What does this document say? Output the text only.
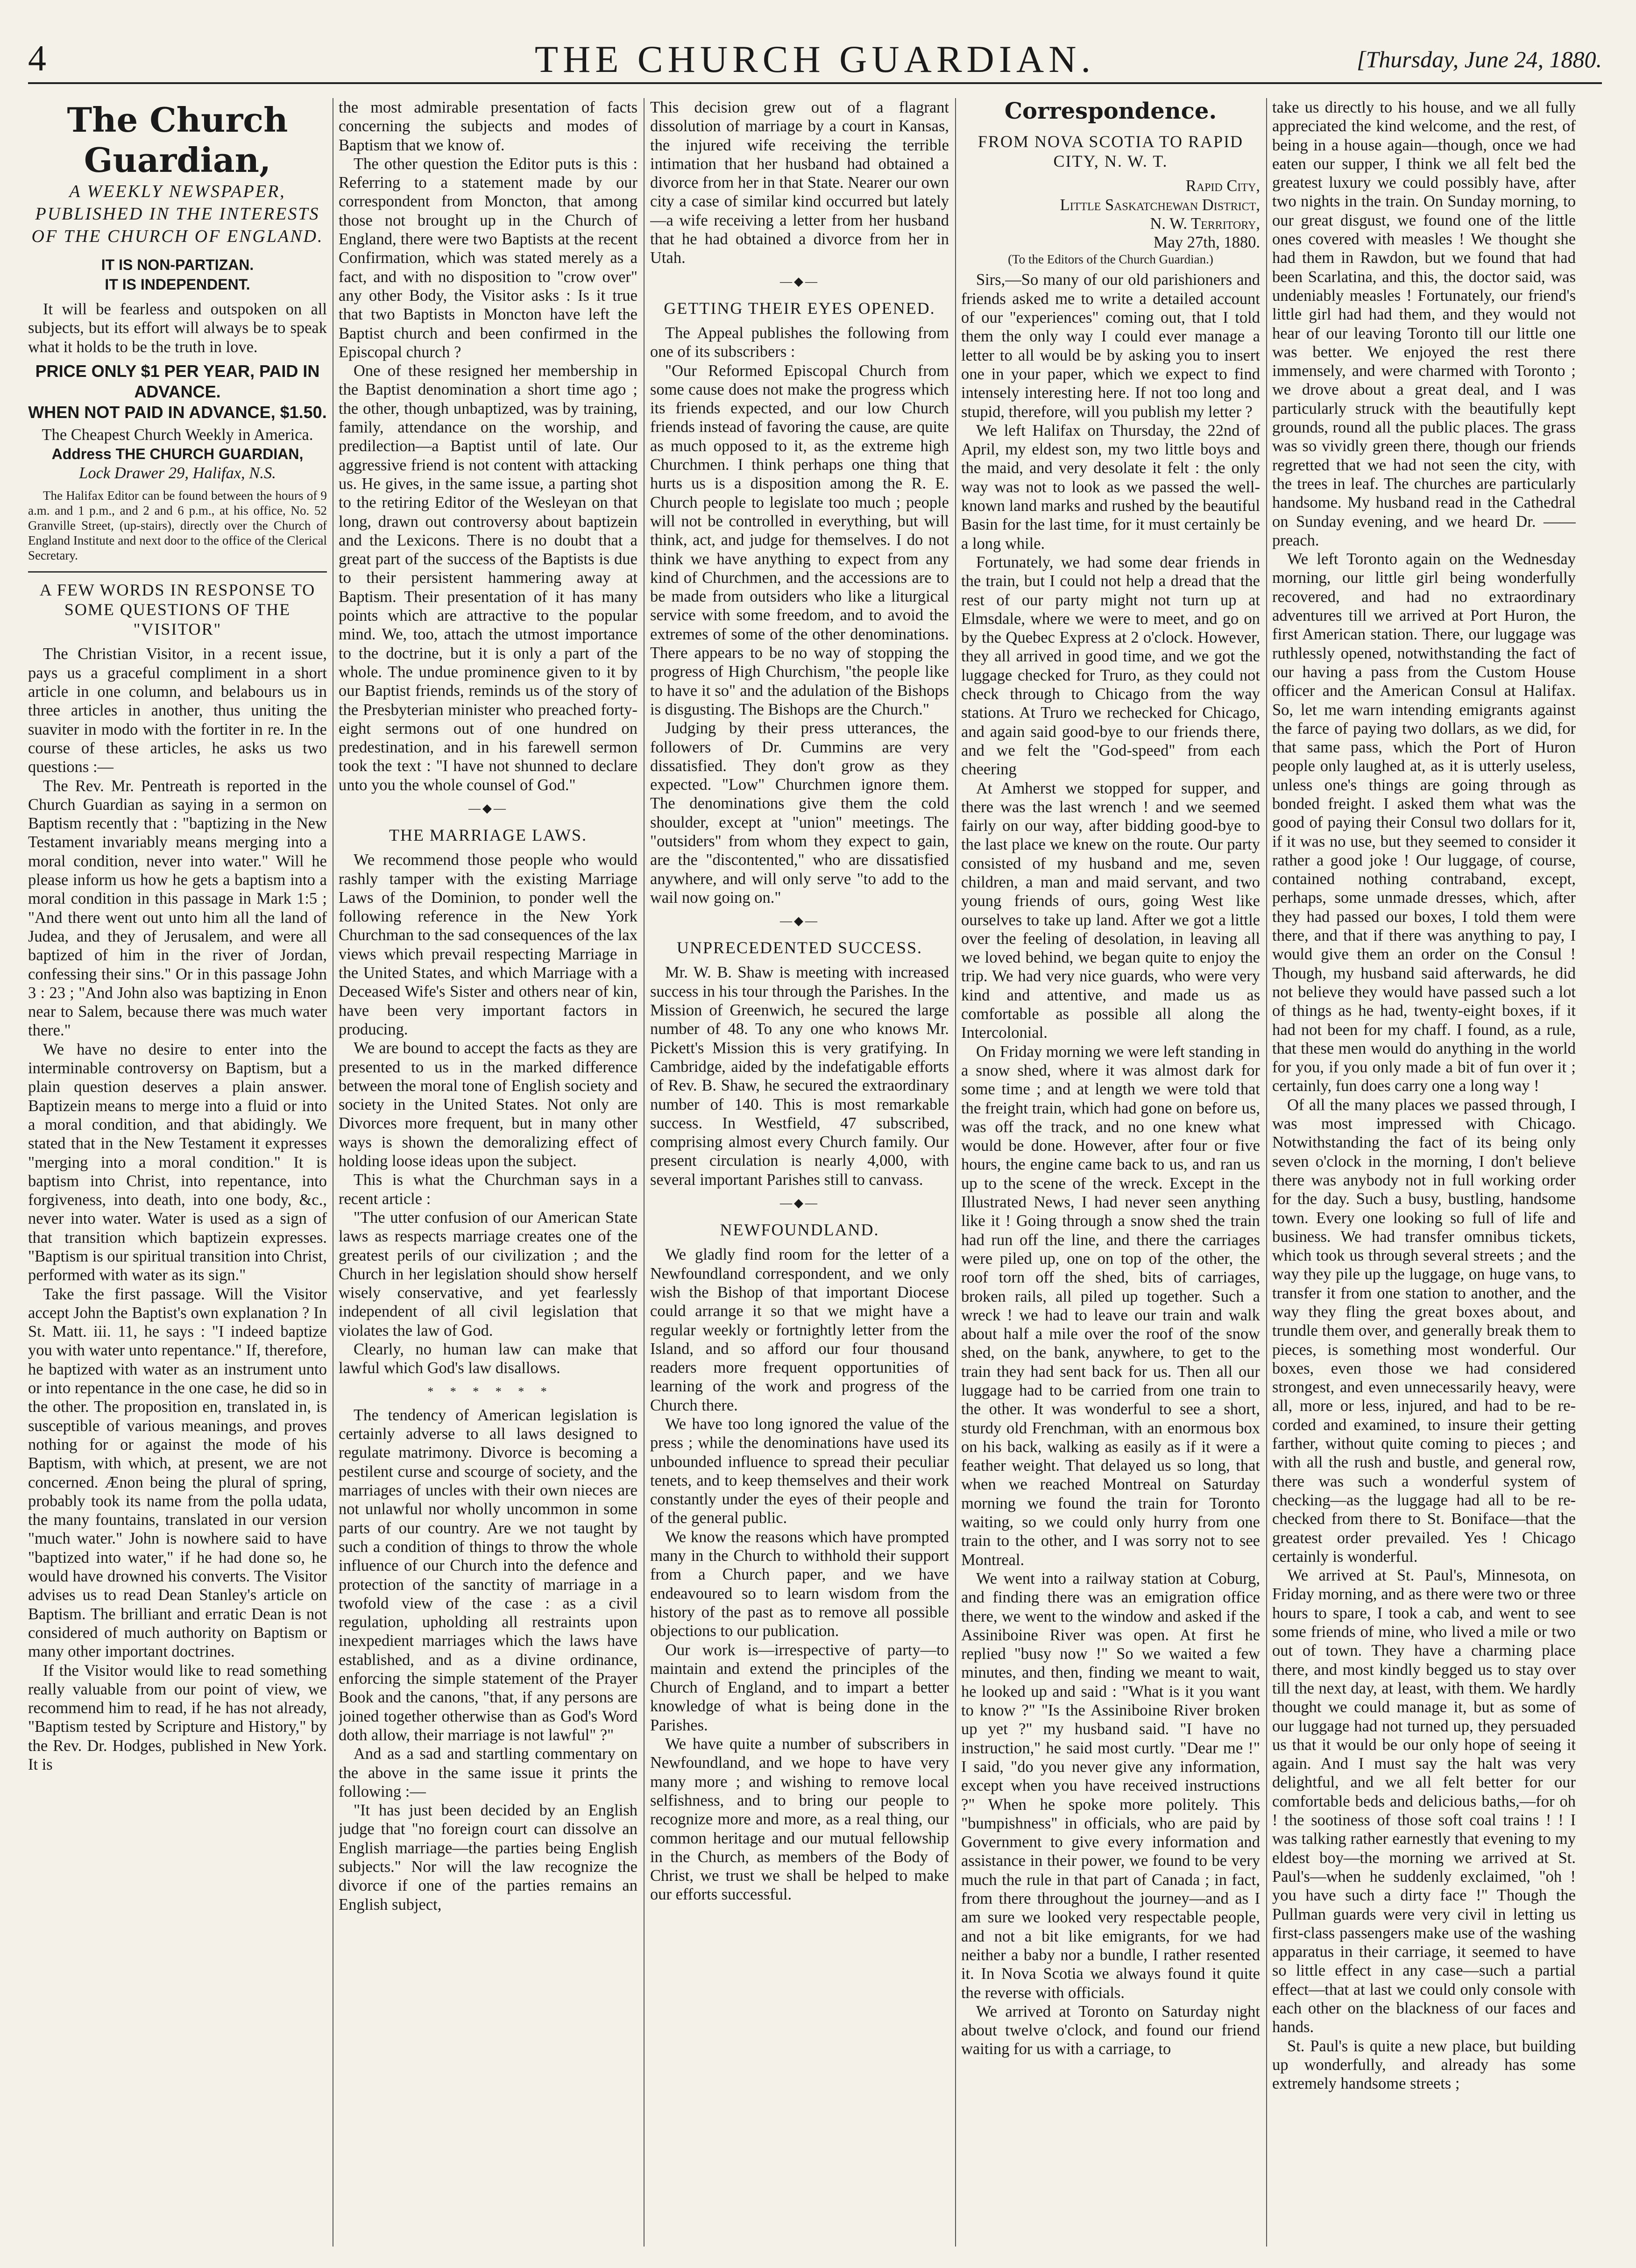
4	THE CHURCH GUARDIAN.	[Thursday, June 24, 1880.
The Church Guardian,
A WEEKLY NEWSPAPER, PUBLISHED IN THE INTERESTS OF THE CHURCH OF ENGLAND.
IT IS NON-PARTIZAN.
IT IS INDEPENDENT.

It will be fearless and outspoken on all subjects, but its effort will always be to speak what it holds to be the truth in love.

PRICE ONLY $1 PER YEAR, PAID IN ADVANCE.
WHEN NOT PAID IN ADVANCE, $1.50.
The Cheapest Church Weekly in America.
Address THE CHURCH GUARDIAN,
Lock Drawer 29, Halifax, N.S.

The Halifax Editor can be found between the hours of 9 a.m. and 1 p.m., and 2 and 6 p.m., at his office, No. 52 Granville Street, (up-stairs), directly over the Church of England Institute and next door to the office of the Clerical Secretary.

A FEW WORDS IN RESPONSE TO SOME QUESTIONS OF THE "VISITOR"

The Christian Visitor, in a recent issue, pays us a graceful compliment in a short article in one column, and belabours us in three articles in another, thus uniting the suaviter in modo with the fortiter in re. In the course of these articles, he asks us two questions :—

The Rev. Mr. Pentreath is reported in the Church Guardian as saying in a sermon on Baptism recently that : "baptizing in the New Testament invariably means merging into a moral condition, never into water." Will he please inform us how he gets a baptism into a moral condition in this passage in Mark 1:5 ; "And there went out unto him all the land of Judea, and they of Jerusalem, and were all baptized of him in the river of Jordan, confessing their sins." Or in this passage John 3 : 23 ; "And John also was baptizing in Enon near to Salem, because there was much water there."

We have no desire to enter into the interminable controversy on Baptism, but a plain question deserves a plain answer. Baptizein means to merge into a fluid or into a moral condition, and that abidingly. We stated that in the New Testament it expresses "merging into a moral condition." It is baptism into Christ, into repentance, into forgiveness, into death, into one body, &c., never into water. Water is used as a sign of that transition which baptizein expresses. "Baptism is our spiritual transition into Christ, performed with water as its sign."

Take the first passage. Will the Visitor accept John the Baptist's own explanation ? In St. Matt. iii. 11, he says : "I indeed baptize you with water unto repentance." If, therefore, he baptized with water as an instrument unto or into repentance in the one case, he did so in the other. The proposition en, translated in, is susceptible of various meanings, and proves nothing for or against the mode of his Baptism, with which, at present, we are not concerned. Ænon being the plural of spring, probably took its name from the polla udata, the many fountains, translated in our version "much water." John is nowhere said to have "baptized into water," if he had done so, he would have drowned his converts. The Visitor advises us to read Dean Stanley's article on Baptism. The brilliant and erratic Dean is not considered of much authority on Baptism or many other important doctrines.

If the Visitor would like to read something really valuable from our point of view, we recommend him to read, if he has not already, "Baptism tested by Scripture and History," by the Rev. Dr. Hodges, published in New York. It is

the most admirable presentation of facts concerning the subjects and modes of Baptism that we know of.

The other question the Editor puts is this : Referring to a statement made by our correspondent from Moncton, that among those not brought up in the Church of England, there were two Baptists at the recent Confirmation, which was stated merely as a fact, and with no disposition to "crow over" any other Body, the Visitor asks : Is it true that two Baptists in Moncton have left the Baptist church and been confirmed in the Episcopal church ?

One of these resigned her membership in the Baptist denomination a short time ago ; the other, though unbaptized, was by training, family, attendance on the worship, and predilection—a Baptist until of late. Our aggressive friend is not content with attacking us. He gives, in the same issue, a parting shot to the retiring Editor of the Wesleyan on that long, drawn out controversy about baptizein and the Lexicons. There is no doubt that a great part of the success of the Baptists is due to their persistent hammering away at Baptism. Their presentation of it has many points which are attractive to the popular mind. We, too, attach the utmost importance to the doctrine, but it is only a part of the whole. The undue prominence given to it by our Baptist friends, reminds us of the story of the Presbyterian minister who preached forty-eight sermons out of one hundred on predestination, and in his farewell sermon took the text : "I have not shunned to declare unto you the whole counsel of God."

—◆—
THE MARRIAGE LAWS.

We recommend those people who would rashly tamper with the existing Marriage Laws of the Dominion, to ponder well the following reference in the New York Churchman to the sad consequences of the lax views which prevail respecting Marriage in the United States, and which Marriage with a Deceased Wife's Sister and others near of kin, have been very important factors in producing.

We are bound to accept the facts as they are presented to us in the marked difference between the moral tone of English society and society in the United States. Not only are Divorces more frequent, but in many other ways is shown the demoralizing effect of holding loose ideas upon the subject.

This is what the Churchman says in a recent article :

"The utter confusion of our American State laws as respects marriage creates one of the greatest perils of our civilization ; and the Church in her legislation should show herself wisely conservative, and yet fearlessly independent of all civil legislation that violates the law of God.

Clearly, no human law can make that lawful which God's law disallows.

*   *   *   *   *   *

The tendency of American legislation is certainly adverse to all laws designed to regulate matrimony. Divorce is becoming a pestilent curse and scourge of society, and the marriages of uncles with their own nieces are not unlawful nor wholly uncommon in some parts of our country. Are we not taught by such a condition of things to throw the whole influence of our Church into the defence and protection of the sanctity of marriage in a twofold view of the case : as a civil regulation, upholding all restraints upon inexpedient marriages which the laws have established, and as a divine ordinance, enforcing the simple statement of the Prayer Book and the canons, "that, if any persons are joined together otherwise than as God's Word doth allow, their marriage is not lawful" ?"

And as a sad and startling commentary on the above in the same issue it prints the following :—

"It has just been decided by an English judge that "no foreign court can dissolve an English marriage—the parties being English subjects." Nor will the law recognize the divorce if one of the parties remains an English subject,

This decision grew out of a flagrant dissolution of marriage by a court in Kansas, the injured wife receiving the terrible intimation that her husband had obtained a divorce from her in that State. Nearer our own city a case of similar kind occurred but lately—a wife receiving a letter from her husband that he had obtained a divorce from her in Utah.

—◆—
GETTING THEIR EYES OPENED.

The Appeal publishes the following from one of its subscribers :

"Our Reformed Episcopal Church from some cause does not make the progress which its friends expected, and our low Church friends instead of favoring the cause, are quite as much opposed to it, as the extreme high Churchmen. I think perhaps one thing that hurts us is a disposition among the R. E. Church people to legislate too much ; people will not be controlled in everything, but will think, act, and judge for themselves. I do not think we have anything to expect from any kind of Churchmen, and the accessions are to be made from outsiders who like a liturgical service with some freedom, and to avoid the extremes of some of the other denominations. There appears to be no way of stopping the progress of High Churchism, "the people like to have it so" and the adulation of the Bishops is disgusting. The Bishops are the Church."

Judging by their press utterances, the followers of Dr. Cummins are very dissatisfied. They don't grow as they expected. "Low" Churchmen ignore them. The denominations give them the cold shoulder, except at "union" meetings. The "outsiders" from whom they expect to gain, are the "discontented," who are dissatisfied anywhere, and will only serve "to add to the wail now going on."

—◆—
UNPRECEDENTED SUCCESS.

Mr. W. B. Shaw is meeting with increased success in his tour through the Parishes. In the Mission of Greenwich, he secured the large number of 48. To any one who knows Mr. Pickett's Mission this is very gratifying. In Cambridge, aided by the indefatigable efforts of Rev. B. Shaw, he secured the extraordinary number of 140. This is most remarkable success. In Westfield, 47 subscribed, comprising almost every Church family. Our present circulation is nearly 4,000, with several important Parishes still to canvass.

—◆—
NEWFOUNDLAND.

We gladly find room for the letter of a Newfoundland correspondent, and we only wish the Bishop of that important Diocese could arrange it so that we might have a regular weekly or fortnightly letter from the Island, and so afford our four thousand readers more frequent opportunities of learning of the work and progress of the Church there.

We have too long ignored the value of the press ; while the denominations have used its unbounded influence to spread their peculiar tenets, and to keep themselves and their work constantly under the eyes of their people and of the general public.

We know the reasons which have prompted many in the Church to withhold their support from a Church paper, and we have endeavoured so to learn wisdom from the history of the past as to remove all possible objections to our publication.

Our work is—irrespective of party—to maintain and extend the principles of the Church of England, and to impart a better knowledge of what is being done in the Parishes.

We have quite a number of subscribers in Newfoundland, and we hope to have very many more ; and wishing to remove local selfishness, and to bring our people to recognize more and more, as a real thing, our common heritage and our mutual fellowship in the Church, as members of the Body of Christ, we trust we shall be helped to make our efforts successful.

Correspondence.
FROM NOVA SCOTIA TO RAPID CITY, N. W. T.
Rapid City,
Little Saskatchewan District,
N. W. Territory,
May 27th, 1880.
(To the Editors of the Church Guardian.)

Sirs,—So many of our old parishioners and friends asked me to write a detailed account of our "experiences" coming out, that I told them the only way I could ever manage a letter to all would be by asking you to insert one in your paper, which we expect to find intensely interesting here. If not too long and stupid, therefore, will you publish my letter ?

We left Halifax on Thursday, the 22nd of April, my eldest son, my two little boys and the maid, and very desolate it felt : the only way was not to look as we passed the well-known land marks and rushed by the beautiful Basin for the last time, for it must certainly be a long while.

Fortunately, we had some dear friends in the train, but I could not help a dread that the rest of our party might not turn up at Elmsdale, where we were to meet, and go on by the Quebec Express at 2 o'clock. However, they all arrived in good time, and we got the luggage checked for Truro, as they could not check through to Chicago from the way stations. At Truro we rechecked for Chicago, and again said good-bye to our friends there, and we felt the "God-speed" from each cheering

At Amherst we stopped for supper, and there was the last wrench ! and we seemed fairly on our way, after bidding good-bye to the last place we knew on the route. Our party consisted of my husband and me, seven children, a man and maid servant, and two young friends of ours, going West like ourselves to take up land. After we got a little over the feeling of desolation, in leaving all we loved behind, we began quite to enjoy the trip. We had very nice guards, who were very kind and attentive, and made us as comfortable as possible all along the Intercolonial.

On Friday morning we were left standing in a snow shed, where it was almost dark for some time ; and at length we were told that the freight train, which had gone on before us, was off the track, and no one knew what would be done. However, after four or five hours, the engine came back to us, and ran us up to the scene of the wreck. Except in the Illustrated News, I had never seen anything like it ! Going through a snow shed the train had run off the line, and there the carriages were piled up, one on top of the other, the roof torn off the shed, bits of carriages, broken rails, all piled up together. Such a wreck ! we had to leave our train and walk about half a mile over the roof of the snow shed, on the bank, anywhere, to get to the train they had sent back for us. Then all our luggage had to be carried from one train to the other. It was wonderful to see a short, sturdy old Frenchman, with an enormous box on his back, walking as easily as if it were a feather weight. That delayed us so long, that when we reached Montreal on Saturday morning we found the train for Toronto waiting, so we could only hurry from one train to the other, and I was sorry not to see Montreal.

We went into a railway station at Coburg, and finding there was an emigration office there, we went to the window and asked if the Assiniboine River was open. At first he replied "busy now !" So we waited a few minutes, and then, finding we meant to wait, he looked up and said : "What is it you want to know ?" "Is the Assiniboine River broken up yet ?" my husband said. "I have no instruction," he said most curtly. "Dear me !" I said, "do you never give any information, except when you have received instructions ?" When he spoke more politely. This "bumpishness" in officials, who are paid by Government to give every information and assistance in their power, we found to be very much the rule in that part of Canada ; in fact, from there throughout the journey—and as I am sure we looked very respectable people, and not a bit like emigrants, for we had neither a baby nor a bundle, I rather resented it. In Nova Scotia we always found it quite the reverse with officials.

We arrived at Toronto on Saturday night about twelve o'clock, and found our friend waiting for us with a carriage, to

take us directly to his house, and we all fully appreciated the kind welcome, and the rest, of being in a house again—though, once we had eaten our supper, I think we all felt bed the greatest luxury we could possibly have, after two nights in the train. On Sunday morning, to our great disgust, we found one of the little ones covered with measles ! We thought she had them in Rawdon, but we found that had been Scarlatina, and this, the doctor said, was undeniably measles ! Fortunately, our friend's little girl had had them, and they would not hear of our leaving Toronto till our little one was better. We enjoyed the rest there immensely, and were charmed with Toronto ; we drove about a great deal, and I was particularly struck with the beautifully kept grounds, round all the public places. The grass was so vividly green there, though our friends regretted that we had not seen the city, with the trees in leaf. The churches are particularly handsome. My husband read in the Cathedral on Sunday evening, and we heard Dr. —— preach.

We left Toronto again on the Wednesday morning, our little girl being wonderfully recovered, and had no extraordinary adventures till we arrived at Port Huron, the first American station. There, our luggage was ruthlessly opened, notwithstanding the fact of our having a pass from the Custom House officer and the American Consul at Halifax. So, let me warn intending emigrants against the farce of paying two dollars, as we did, for that same pass, which the Port of Huron people only laughed at, as it is utterly useless, unless one's things are going through as bonded freight. I asked them what was the good of paying their Consul two dollars for it, if it was no use, but they seemed to consider it rather a good joke ! Our luggage, of course, contained nothing contraband, except, perhaps, some unmade dresses, which, after they had passed our boxes, I told them were there, and that if there was anything to pay, I would give them an order on the Consul ! Though, my husband said afterwards, he did not believe they would have passed such a lot of things as he had, twenty-eight boxes, if it had not been for my chaff. I found, as a rule, that these men would do anything in the world for you, if you only made a bit of fun over it ; certainly, fun does carry one a long way !

Of all the many places we passed through, I was most impressed with Chicago. Notwithstanding the fact of its being only seven o'clock in the morning, I don't believe there was anybody not in full working order for the day. Such a busy, bustling, handsome town. Every one looking so full of life and business. We had transfer omnibus tickets, which took us through several streets ; and the way they pile up the luggage, on huge vans, to transfer it from one station to another, and the way they fling the great boxes about, and trundle them over, and generally break them to pieces, is something most wonderful. Our boxes, even those we had considered strongest, and even unnecessarily heavy, were all, more or less, injured, and had to be re-corded and examined, to insure their getting farther, without quite coming to pieces ; and with all the rush and bustle, and general row, there was such a wonderful system of checking—as the luggage had all to be re-checked from there to St. Boniface—that the greatest order prevailed. Yes ! Chicago certainly is wonderful.

We arrived at St. Paul's, Minnesota, on Friday morning, and as there were two or three hours to spare, I took a cab, and went to see some friends of mine, who lived a mile or two out of town. They have a charming place there, and most kindly begged us to stay over till the next day, at least, with them. We hardly thought we could manage it, but as some of our luggage had not turned up, they persuaded us that it would be our only hope of seeing it again. And I must say the halt was very delightful, and we all felt better for our comfortable beds and delicious baths,—for oh ! the sootiness of those soft coal trains ! ! I was talking rather earnestly that evening to my eldest boy—the morning we arrived at St. Paul's—when he suddenly exclaimed, "oh ! you have such a dirty face !" Though the Pullman guards were very civil in letting us first-class passengers make use of the washing apparatus in their carriage, it seemed to have so little effect in any case—such a partial effect—that at last we could only console with each other on the blackness of our faces and hands.

St. Paul's is quite a new place, but building up wonderfully, and already has some extremely handsome streets ;
